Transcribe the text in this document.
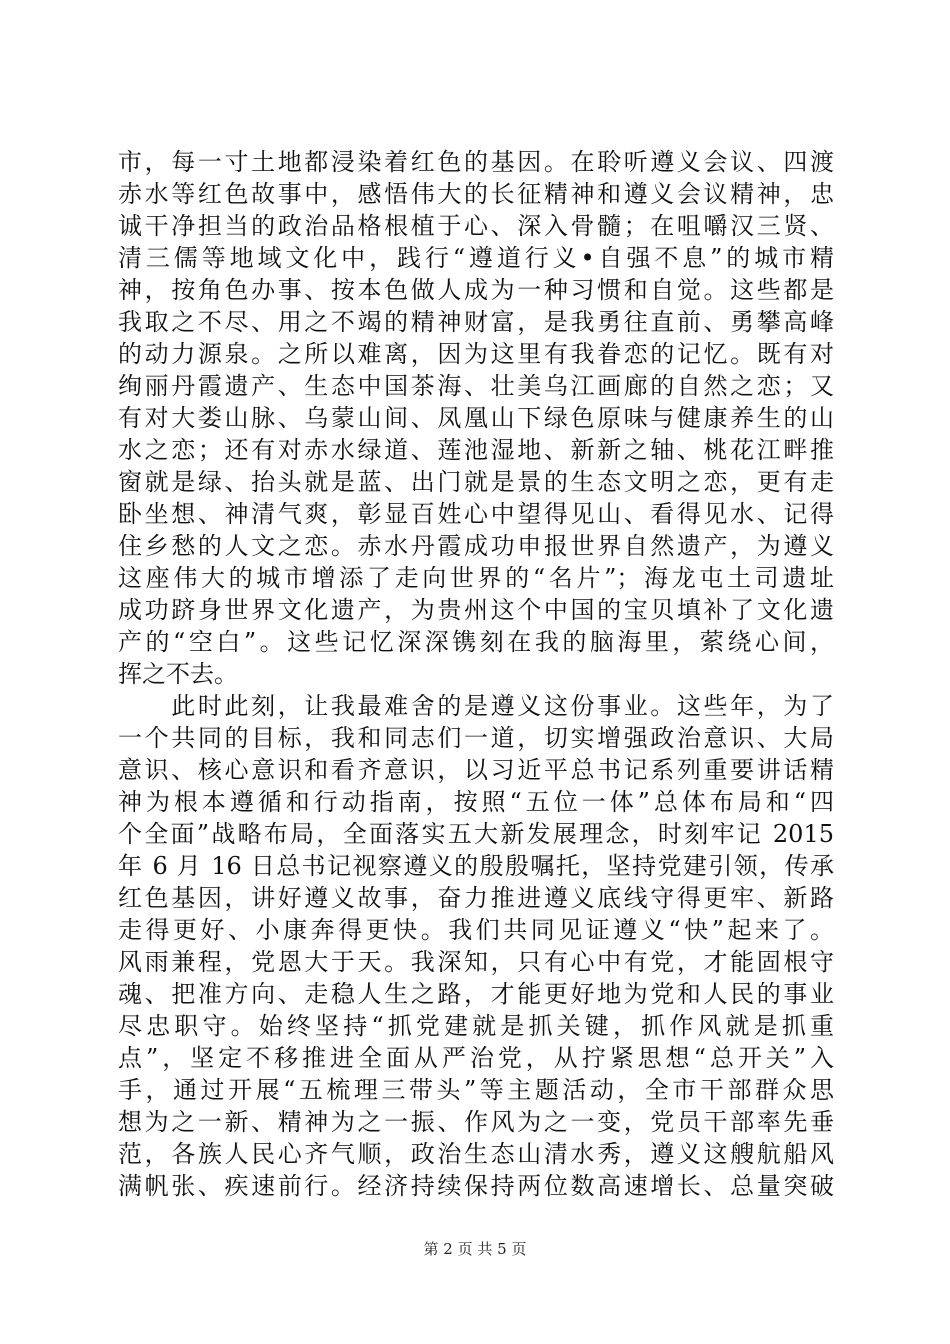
市，每一寸土地都浸染着红色的基因。在聆听遵义会议、四渡
赤水等红色故事中，感悟伟大的长征精神和遵义会议精神，忠
诚干净担当的政治品格根植于心、深入骨髓；在咀嚼汉三贤、
清三儒等地域文化中，践行“遵道行义•自强不息”的城市精
神，按角色办事、按本色做人成为一种习惯和自觉。这些都是
我取之不尽、用之不竭的精神财富，是我勇往直前、勇攀高峰
的动力源泉。之所以难离，因为这里有我眷恋的记忆。既有对
绚丽丹霞遗产、生态中国茶海、壮美乌江画廊的自然之恋；又
有对大娄山脉、乌蒙山间、凤凰山下绿色原味与健康养生的山
水之恋；还有对赤水绿道、莲池湿地、新新之轴、桃花江畔推
窗就是绿、抬头就是蓝、出门就是景的生态文明之恋，更有走
卧坐想、神清气爽，彰显百姓心中望得见山、看得见水、记得
住乡愁的人文之恋。赤水丹霞成功申报世界自然遗产，为遵义
这座伟大的城市增添了走向世界的“名片”；海龙屯土司遗址
成功跻身世界文化遗产，为贵州这个中国的宝贝填补了文化遗
产的“空白”。这些记忆深深镌刻在我的脑海里，萦绕心间，
挥之不去。
　　此时此刻，让我最难舍的是遵义这份事业。这些年，为了
一个共同的目标，我和同志们一道，切实增强政治意识、大局
意识、核心意识和看齐意识，以习近平总书记系列重要讲话精
神为根本遵循和行动指南，按照“五位一体”总体布局和“四
个全面”战略布局，全面落实五大新发展理念，时刻牢记 2015
年 6 月 16 日总书记视察遵义的殷殷嘱托，坚持党建引领，传承
红色基因，讲好遵义故事，奋力推进遵义底线守得更牢、新路
走得更好、小康奔得更快。我们共同见证遵义“快”起来了。
风雨兼程，党恩大于天。我深知，只有心中有党，才能固根守
魂、把准方向、走稳人生之路，才能更好地为党和人民的事业
尽忠职守。始终坚持“抓党建就是抓关键，抓作风就是抓重
点”，坚定不移推进全面从严治党，从拧紧思想“总开关”入
手，通过开展“五梳理三带头”等主题活动，全市干部群众思
想为之一新、精神为之一振、作风为之一变，党员干部率先垂
范，各族人民心齐气顺，政治生态山清水秀，遵义这艘航船风
满帆张、疾速前行。经济持续保持两位数高速增长、总量突破
第 2 页 共 5 页
